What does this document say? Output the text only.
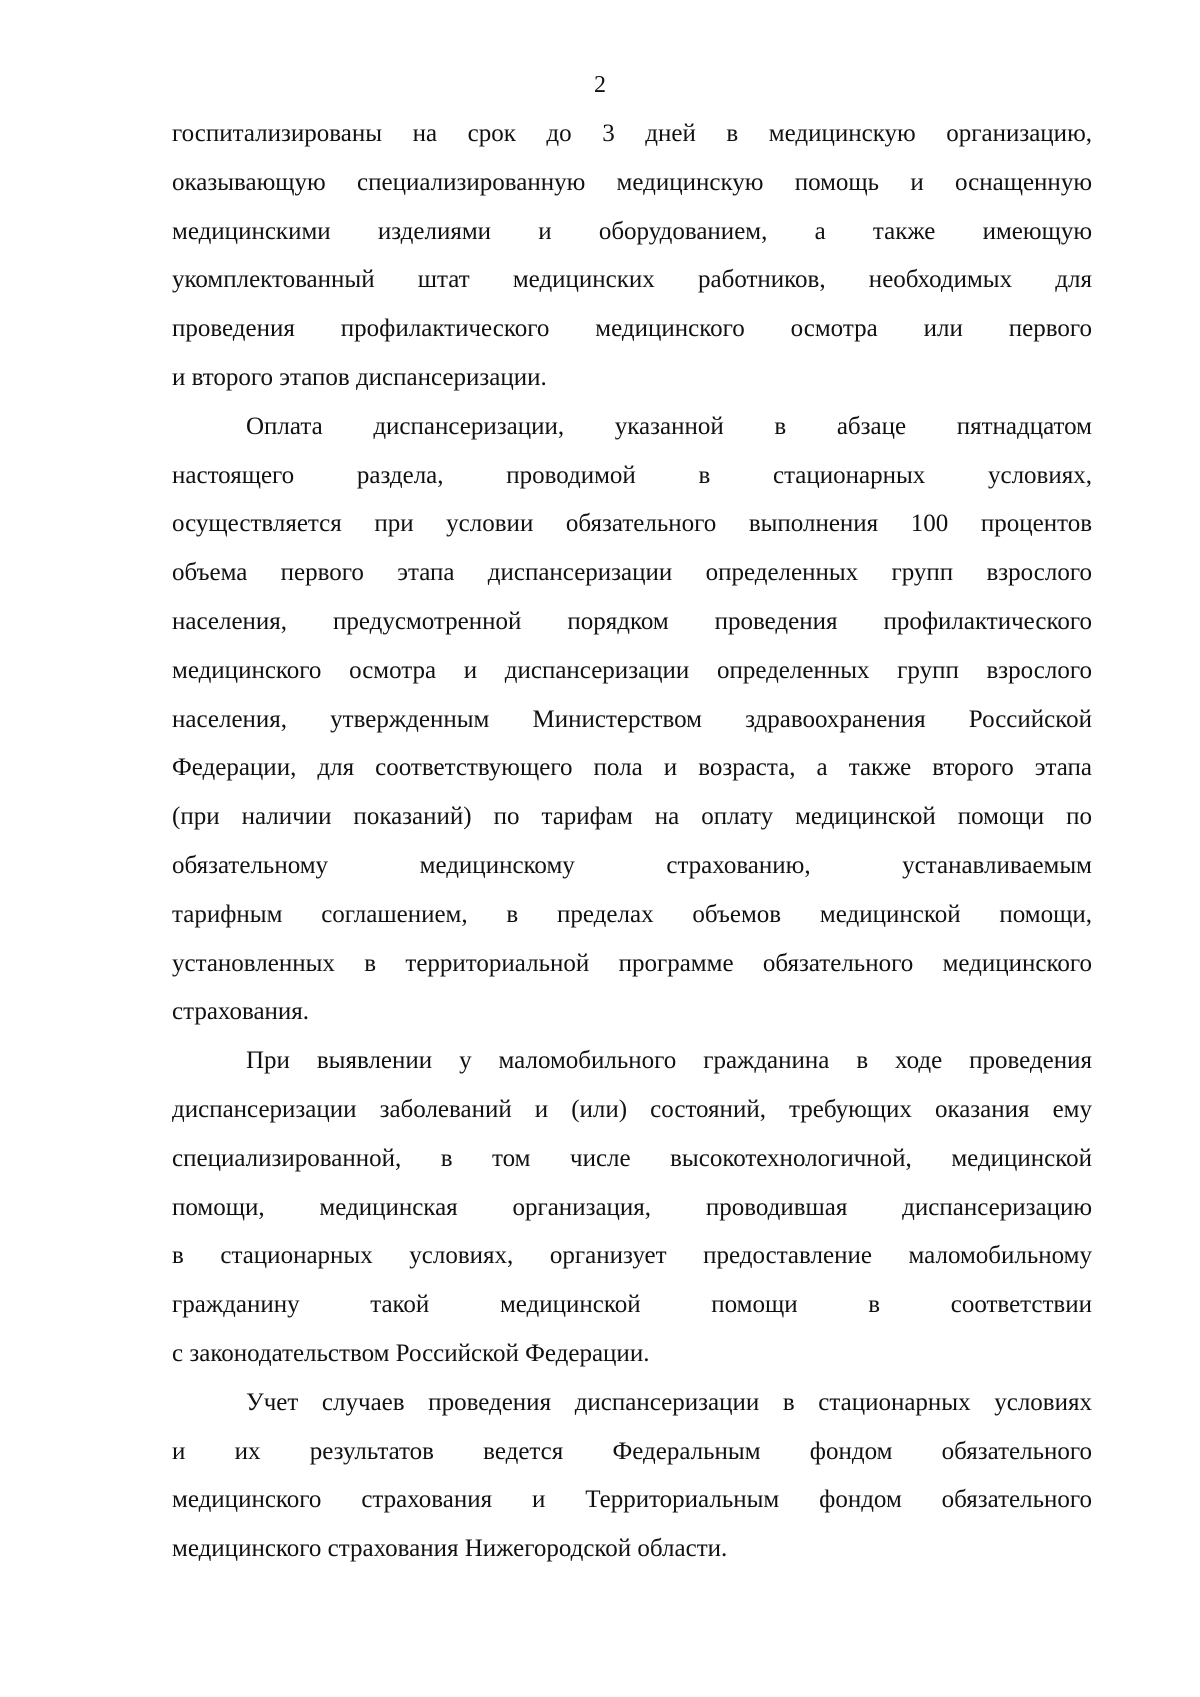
2
госпитализированы на срок до 3 дней в медицинскую организацию,
оказывающую специализированную медицинскую помощь и оснащенную
медицинскими изделиями и оборудованием, а также имеющую
укомплектованный штат медицинских работников, необходимых для
проведения профилактического медицинского осмотра или первого
и второго этапов диспансеризации.
Оплата диспансеризации, указанной в абзаце пятнадцатом
настоящего раздела, проводимой в стационарных условиях,
осуществляется при условии обязательного выполнения 100 процентов
объема первого этапа диспансеризации определенных групп взрослого
населения, предусмотренной порядком проведения профилактического
медицинского осмотра и диспансеризации определенных групп взрослого
населения, утвержденным Министерством здравоохранения Российской
Федерации, для соответствующего пола и возраста, а также второго этапа
(при наличии показаний) по тарифам на оплату медицинской помощи по
обязательному медицинскому страхованию, устанавливаемым
тарифным соглашением, в пределах объемов медицинской помощи,
установленных в территориальной программе обязательного медицинского
страхования.
При выявлении у маломобильного гражданина в ходе проведения
диспансеризации заболеваний и (или) состояний, требующих оказания ему
специализированной, в том числе высокотехнологичной, медицинской
помощи, медицинская организация, проводившая диспансеризацию
в стационарных условиях, организует предоставление маломобильному
гражданину такой медицинской помощи в соответствии
с законодательством Российской Федерации.
Учет случаев проведения диспансеризации в стационарных условиях
и их результатов ведется Федеральным фондом обязательного
медицинского страхования и Территориальным фондом обязательного
медицинского страхования Нижегородской области.
